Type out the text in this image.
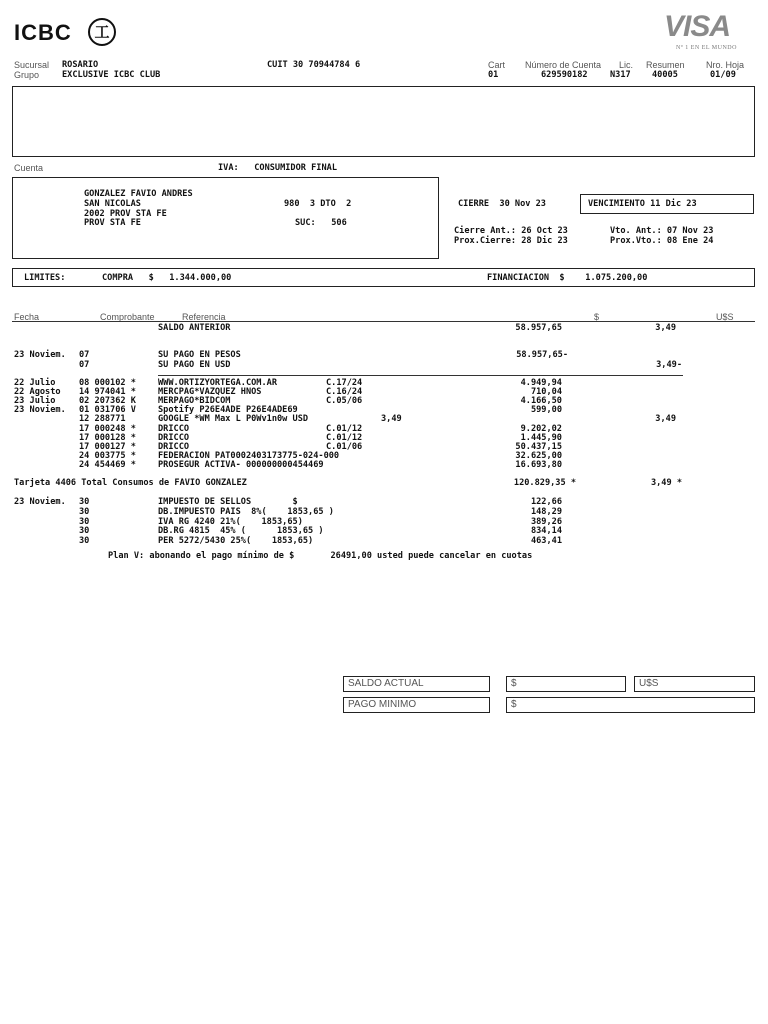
ICBC	工	VISA
Nº 1 EN EL MUNDO
Sucursal ROSARIO	CUIT 30 70944784 6
Grupo	EXCLUSIVE ICBC CLUB
Cart
01
Número de Cuenta
629590182
Lic.
N317
Resumen
40005
Nro. Hoja
01/09
Cuenta	IVA:   CONSUMIDOR FINAL
GONZALEZ FAVIO ANDRES
SAN NICOLAS	980  3 DTO  2
2002 PROV STA FE
PROV STA FE	SUC:   506
CIERRE  30 Nov 23	VENCIMIENTO 11 Dic 23
Cierre Ant.: 26 Oct 23	Vto. Ant.: 07 Nov 23
Prox.Cierre: 28 Dic 23	Prox.Vto.: 08 Ene 24
LIMITES:	COMPRA   $   1.344.000,00	FINANCIACION  $    1.075.200,00
Fecha	Comprobante	Referencia	$	U$S
SALDO ANTERIOR	58.957,65	3,49
23 Noviem. 07	SU PAGO EN PESOS	58.957,65-
07	SU PAGO EN USD	3,49-
22 Julio	08 000102 *	WWW.ORTIZYORTEGA.COM.AR	C.17/24	4.949,94
22 Agosto 14 974041 *	MERCPAG*VAZQUEZ HNOS	C.16/24	710,04
23 Julio	02 207362 K	MERPAGO*BIDCOM	C.05/06	4.166,50
23 Noviem. 01 031706 V	Spotify P26E4ADE P26E4ADE69	599,00
12 288771	GOOGLE *WM Max L P0Wv1n0w USD	3,49	3,49
17 000248 *	DRICCO	C.01/12	9.202,02
17 000128 *	DRICCO	C.01/12	1.445,90
17 000127 *	DRICCO	C.01/06	50.437,15
24 003775 *	FEDERACION PAT0002403173775-024-000	32.625,00
24 454469 *	PROSEGUR ACTIVA- 000000000454469	16.693,80
Tarjeta 4406 Total Consumos de FAVIO GONZALEZ	120.829,35 *	3,49 *
23 Noviem. 30	IMPUESTO DE SELLOS        $	122,66
30	DB.IMPUESTO PAIS  8%(    1853,65 )	148,29
30	IVA RG 4240 21%(    1853,65)	389,26
30	DB.RG 4815  45% (      1853,65 )	834,14
30	PER 5272/5430 25%(    1853,65)	463,41
Plan V: abonando el pago mínimo de $       26491,00 usted puede cancelar en cuotas
SALDO ACTUAL	$	U$S
PAGO MINIMO	$
